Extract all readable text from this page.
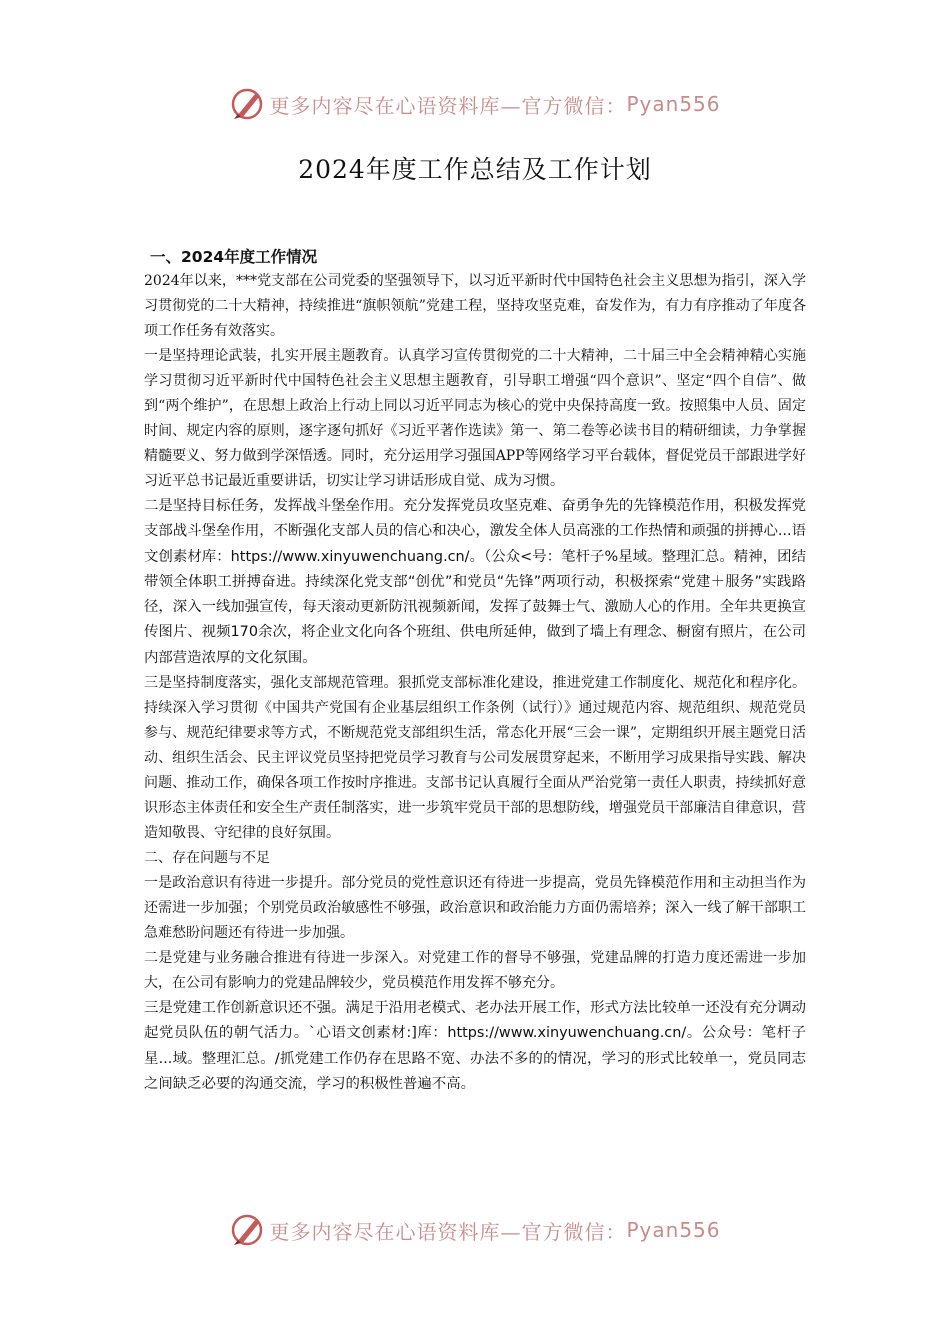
更多内容尽在心语资料库—官方微信： Pyan556
2024年度工作总结及工作计划

一、2024年度工作情况

2024年以来，***党支部在公司党委的坚强领导下，以习近平新时代中国特色社会主义思想为指引，深入学习贯彻党的二十大精神，持续推进“旗帜领航”党建工程，坚持攻坚克难，奋发作为，有力有序推动了年度各项工作任务有效落实。

一是坚持理论武装，扎实开展主题教育。认真学习宣传贯彻党的二十大精神，二十届三中全会精神精心实施学习贯彻习近平新时代中国特色社会主义思想主题教育，引导职工增强“四个意识”、坚定“四个自信”、做到“两个维护”，在思想上政治上行动上同以习近平同志为核心的党中央保持高度一致。按照集中人员、固定时间、规定内容的原则，逐字逐句抓好《习近平著作选读》第一、第二卷等必读书目的精研细读，力争掌握精髓要义、努力做到学深悟透。同时，充分运用学习强国APP等网络学习平台载体，督促党员干部跟进学好习近平总书记最近重要讲话，切实让学习讲话形成自觉、成为习惯。

二是坚持目标任务，发挥战斗堡垒作用。充分发挥党员攻坚克难、奋勇争先的先锋模范作用，积极发挥党支部战斗堡垒作用，不断强化支部人员的信心和决心，激发全体人员高涨的工作热情和顽强的拼搏心...语文创素材库：https://www.xinyuwenchuang.cn/。（公众<号：笔杆子%星域。整理汇总。精神，团结带领全体职工拼搏奋进。持续深化党支部“创优”和党员“先锋”两项行动，积极探索“党建＋服务”实践路径，深入一线加强宣传，每天滚动更新防汛视频新闻，发挥了鼓舞士气、激励人心的作用。全年共更换宣传图片、视频170余次，将企业文化向各个班组、供电所延伸，做到了墙上有理念、橱窗有照片，在公司内部营造浓厚的文化氛围。

三是坚持制度落实，强化支部规范管理。狠抓党支部标准化建设，推进党建工作制度化、规范化和程序化。持续深入学习贯彻《中国共产党国有企业基层组织工作条例（试行）》通过规范内容、规范组织、规范党员参与、规范纪律要求等方式，不断规范党支部组织生活，常态化开展“三会一课”，定期组织开展主题党日活动、组织生活会、民主评议党员坚持把党员学习教育与公司发展贯穿起来，不断用学习成果指导实践、解决问题、推动工作，确保各项工作按时序推进。支部书记认真履行全面从严治党第一责任人职责，持续抓好意识形态主体责任和安全生产责任制落实，进一步筑牢党员干部的思想防线，增强党员干部廉洁自律意识，营造知敬畏、守纪律的良好氛围。

二、存在问题与不足

一是政治意识有待进一步提升。部分党员的党性意识还有待进一步提高，党员先锋模范作用和主动担当作为还需进一步加强；个别党员政治敏感性不够强，政治意识和政治能力方面仍需培养；深入一线了解干部职工急难愁盼问题还有待进一步加强。

二是党建与业务融合推进有待进一步深入。对党建工作的督导不够强，党建品牌的打造力度还需进一步加大，在公司有影响力的党建品牌较少，党员模范作用发挥不够充分。

三是党建工作创新意识还不强。满足于沿用老模式、老办法开展工作，形式方法比较单一还没有充分调动起党员队伍的朝气活力。`心语文创素材:]库：https://www.xinyuwenchuang.cn/。公众号：笔杆子星...域。整理汇总。/抓党建工作仍存在思路不宽、办法不多的的情况，学习的形式比较单一，党员同志之间缺乏必要的沟通交流，学习的积极性普遍不高。

更多内容尽在心语资料库—官方微信： Pyan556
